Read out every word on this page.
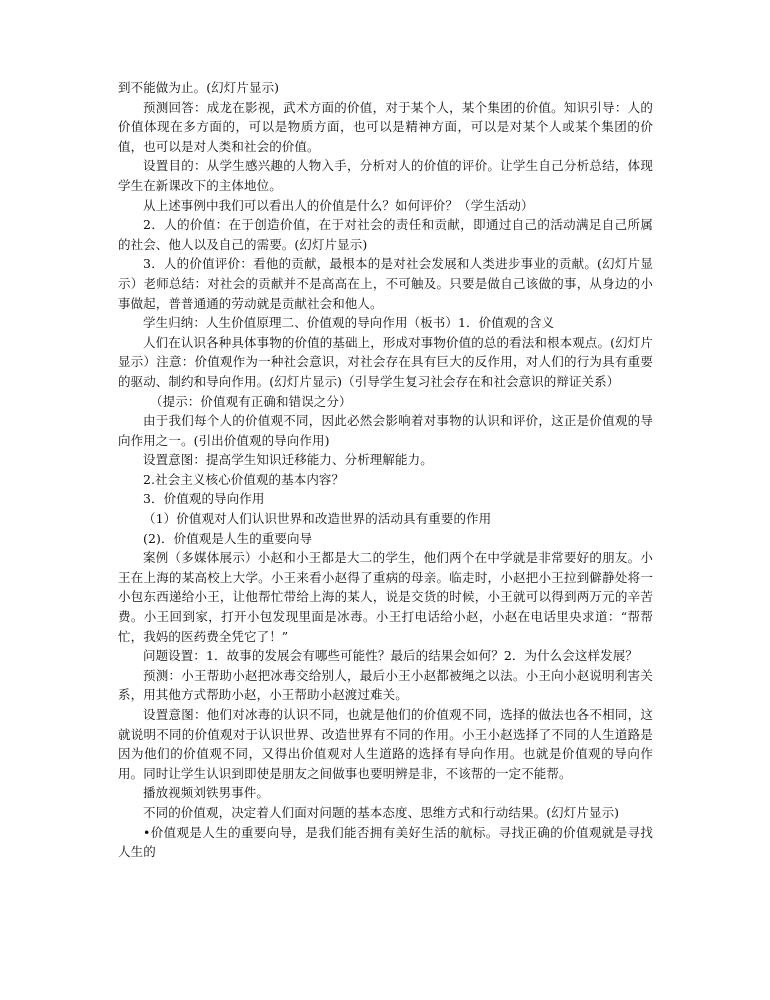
到不能做为止。(幻灯片显示)

预测回答：成龙在影视，武术方面的价值，对于某个人，某个集团的价值。知识引导：人的价值体现在多方面的，可以是物质方面，也可以是精神方面，可以是对某个人或某个集团的价值，也可以是对人类和社会的价值。

设置目的：从学生感兴趣的人物入手，分析对人的价值的评价。让学生自己分析总结，体现学生在新课改下的主体地位。

从上述事例中我们可以看出人的价值是什么？如何评价？（学生活动）

2．人的价值：在于创造价值，在于对社会的责任和贡献，即通过自己的活动满足自己所属的社会、他人以及自己的需要。(幻灯片显示)

3．人的价值评价：看他的贡献，最根本的是对社会发展和人类进步事业的贡献。(幻灯片显示）老师总结：对社会的贡献并不是高高在上，不可触及。只要是做自己该做的事，从身边的小事做起，普普通通的劳动就是贡献社会和他人。

学生归纳：人生价值原理二、价值观的导向作用（板书）1．价值观的含义

人们在认识各种具体事物的价值的基础上，形成对事物价值的总的看法和根本观点。(幻灯片显示）注意：价值观作为一种社会意识，对社会存在具有巨大的反作用，对人们的行为具有重要的驱动、制约和导向作用。(幻灯片显示)（引导学生复习社会存在和社会意识的辩证关系）

（提示：价值观有正确和错误之分）

由于我们每个人的价值观不同，因此必然会影响着对事物的认识和评价，这正是价值观的导向作用之一。(引出价值观的导向作用)

设置意图：提高学生知识迁移能力、分析理解能力。

2.社会主义核心价值观的基本内容？

3．价值观的导向作用

（1）价值观对人们认识世界和改造世界的活动具有重要的作用

(2)．价值观是人生的重要向导

案例（多媒体展示）小赵和小王都是大二的学生，他们两个在中学就是非常要好的朋友。小王在上海的某高校上大学。小王来看小赵得了重病的母亲。临走时，小赵把小王拉到僻静处将一小包东西递给小王，让他帮忙带给上海的某人，说是交货的时候，小王就可以得到两万元的辛苦费。小王回到家，打开小包发现里面是冰毒。小王打电话给小赵，小赵在电话里央求道：“帮帮忙，我妈的医药费全凭它了！”

问题设置：1．故事的发展会有哪些可能性？最后的结果会如何？2．为什么会这样发展？

预测：小王帮助小赵把冰毒交给别人，最后小王小赵都被绳之以法。小王向小赵说明利害关系，用其他方式帮助小赵，小王帮助小赵渡过难关。

设置意图：他们对冰毒的认识不同，也就是他们的价值观不同，选择的做法也各不相同，这就说明不同的价值观对于认识世界、改造世界有不同的作用。小王小赵选择了不同的人生道路是因为他们的价值观不同，又得出价值观对人生道路的选择有导向作用。也就是价值观的导向作用。同时让学生认识到即使是朋友之间做事也要明辨是非，不该帮的一定不能帮。

播放视频刘铁男事件。

不同的价值观，决定着人们面对问题的基本态度、思维方式和行动结果。(幻灯片显示)

•价值观是人生的重要向导，是我们能否拥有美好生活的航标。寻找正确的价值观就是寻找人生的
